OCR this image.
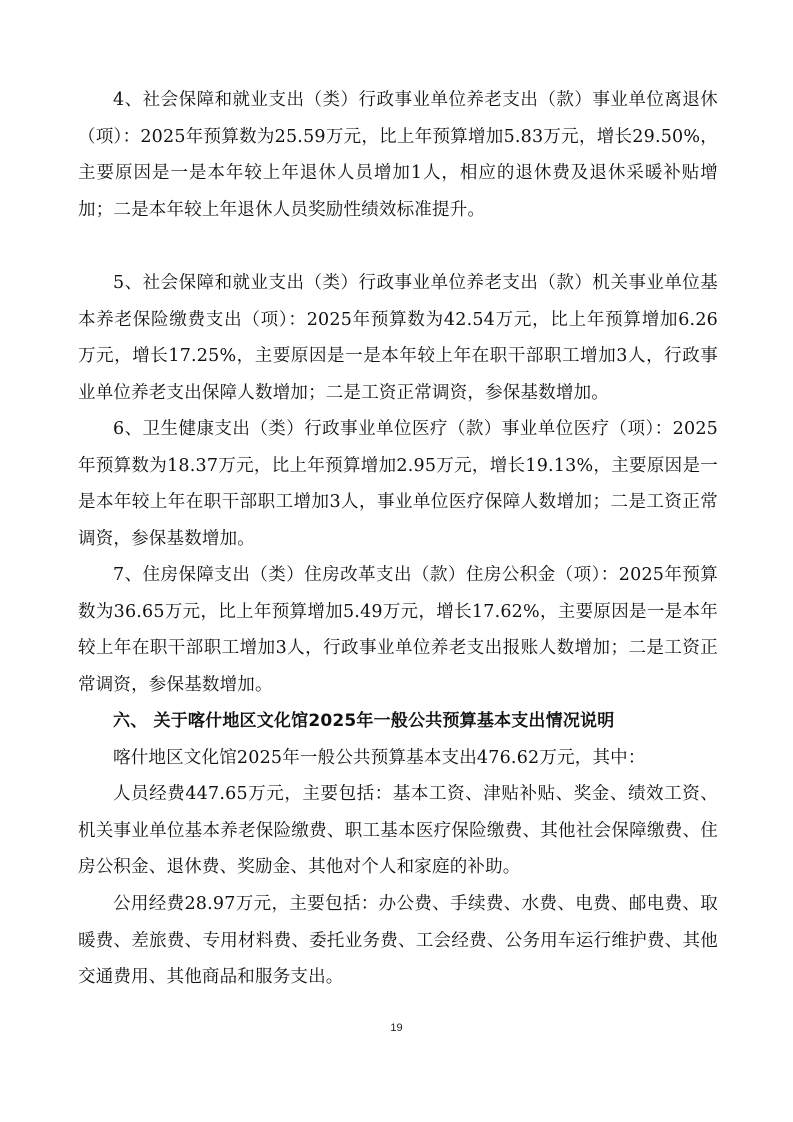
4、社会保障和就业支出（类）行政事业单位养老支出（款）事业单位离退休（项）：2025年预算数为25.59万元，比上年预算增加5.83万元，增长29.50%，主要原因是一是本年较上年退休人员增加1人，相应的退休费及退休采暖补贴增加；二是本年较上年退休人员奖励性绩效标准提升。

5、社会保障和就业支出（类）行政事业单位养老支出（款）机关事业单位基本养老保险缴费支出（项）：2025年预算数为42.54万元，比上年预算增加6.26万元，增长17.25%，主要原因是一是本年较上年在职干部职工增加3人，行政事业单位养老支出保障人数增加；二是工资正常调资，参保基数增加。

6、卫生健康支出（类）行政事业单位医疗（款）事业单位医疗（项）：2025年预算数为18.37万元，比上年预算增加2.95万元，增长19.13%，主要原因是一是本年较上年在职干部职工增加3人，事业单位医疗保障人数增加；二是工资正常调资，参保基数增加。

7、住房保障支出（类）住房改革支出（款）住房公积金（项）：2025年预算数为36.65万元，比上年预算增加5.49万元，增长17.62%，主要原因是一是本年较上年在职干部职工增加3人，行政事业单位养老支出报账人数增加；二是工资正常调资，参保基数增加。

六、 关于喀什地区文化馆2025年一般公共预算基本支出情况说明

喀什地区文化馆2025年一般公共预算基本支出476.62万元，其中：

人员经费447.65万元，主要包括：基本工资、津贴补贴、奖金、绩效工资、机关事业单位基本养老保险缴费、职工基本医疗保险缴费、其他社会保障缴费、住房公积金、退休费、奖励金、其他对个人和家庭的补助。

公用经费28.97万元，主要包括：办公费、手续费、水费、电费、邮电费、取暖费、差旅费、专用材料费、委托业务费、工会经费、公务用车运行维护费、其他交通费用、其他商品和服务支出。

19
